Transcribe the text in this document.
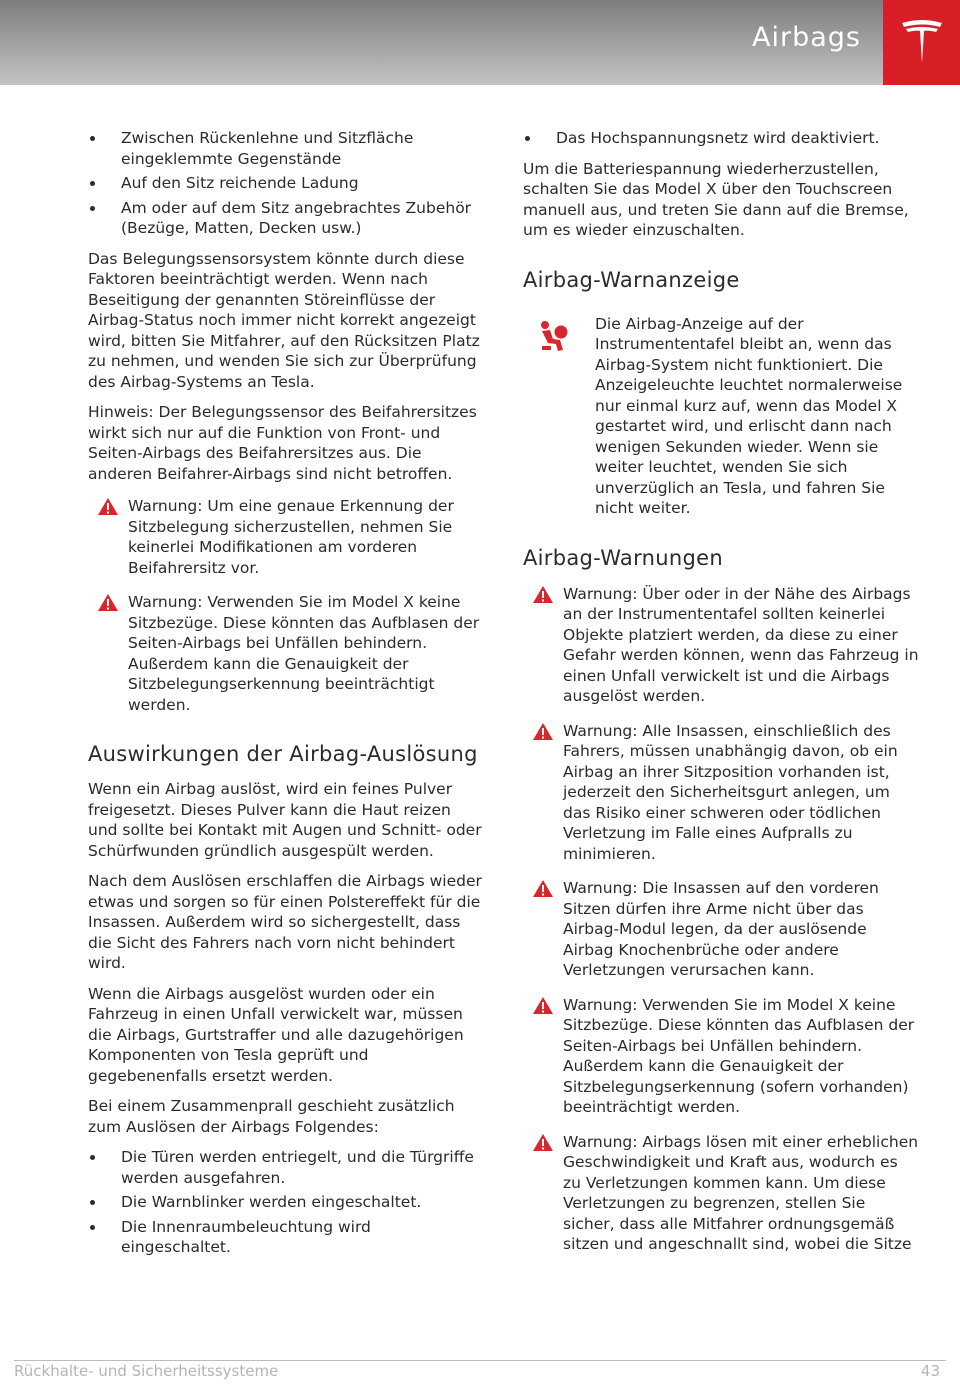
Airbags
Zwischen Rückenlehne und Sitzfläche eingeklemmte Gegenstände
Auf den Sitz reichende Ladung
Am oder auf dem Sitz angebrachtes Zubehör (Bezüge, Matten, Decken usw.)

Das Belegungssensorsystem könnte durch diese Faktoren beeinträchtigt werden. Wenn nach Beseitigung der genannten Störeinflüsse der Airbag-Status noch immer nicht korrekt angezeigt wird, bitten Sie Mitfahrer, auf den Rücksitzen Platz zu nehmen, und wenden Sie sich zur Überprüfung des Airbag-Systems an Tesla.

Hinweis: Der Belegungssensor des Beifahrersitzes wirkt sich nur auf die Funktion von Front- und Seiten-Airbags des Beifahrersitzes aus. Die anderen Beifahrer-Airbags sind nicht betroffen.

Warnung: Um eine genaue Erkennung der Sitzbelegung sicherzustellen, nehmen Sie keinerlei Modifikationen am vorderen Beifahrersitz vor.
Warnung: Verwenden Sie im Model X keine Sitzbezüge. Diese könnten das Aufblasen der Seiten-Airbags bei Unfällen behindern. Außerdem kann die Genauigkeit der Sitzbelegungserkennung beeinträchtigt werden.
Auswirkungen der Airbag-Auslösung

Wenn ein Airbag auslöst, wird ein feines Pulver freigesetzt. Dieses Pulver kann die Haut reizen und sollte bei Kontakt mit Augen und Schnitt- oder Schürfwunden gründlich ausgespült werden.

Nach dem Auslösen erschlaffen die Airbags wieder etwas und sorgen so für einen Polstereffekt für die Insassen. Außerdem wird so sichergestellt, dass die Sicht des Fahrers nach vorn nicht behindert wird.

Wenn die Airbags ausgelöst wurden oder ein Fahrzeug in einen Unfall verwickelt war, müssen die Airbags, Gurtstraffer und alle dazugehörigen Komponenten von Tesla geprüft und gegebenenfalls ersetzt werden.

Bei einem Zusammenprall geschieht zusätzlich zum Auslösen der Airbags Folgendes:

Die Türen werden entriegelt, und die Türgriffe werden ausgefahren.
Die Warnblinker werden eingeschaltet.
Die Innenraumbeleuchtung wird eingeschaltet.
Das Hochspannungsnetz wird deaktiviert.

Um die Batteriespannung wiederherzustellen, schalten Sie das Model X über den Touchscreen manuell aus, und treten Sie dann auf die Bremse, um es wieder einzuschalten.

Airbag-Warnanzeige
Die Airbag-Anzeige auf der Instrumententafel bleibt an, wenn das Airbag-System nicht funktioniert. Die Anzeigeleuchte leuchtet normalerweise nur einmal kurz auf, wenn das Model X gestartet wird, und erlischt dann nach wenigen Sekunden wieder. Wenn sie weiter leuchtet, wenden Sie sich unverzüglich an Tesla, und fahren Sie nicht weiter.
Airbag-Warnungen
Warnung: Über oder in der Nähe des Airbags an der Instrumententafel sollten keinerlei Objekte platziert werden, da diese zu einer Gefahr werden können, wenn das Fahrzeug in einen Unfall verwickelt ist und die Airbags ausgelöst werden.
Warnung: Alle Insassen, einschließlich des Fahrers, müssen unabhängig davon, ob ein Airbag an ihrer Sitzposition vorhanden ist, jederzeit den Sicherheitsgurt anlegen, um das Risiko einer schweren oder tödlichen Verletzung im Falle eines Aufpralls zu minimieren.
Warnung: Die Insassen auf den vorderen Sitzen dürfen ihre Arme nicht über das Airbag-Modul legen, da der auslösende Airbag Knochenbrüche oder andere Verletzungen verursachen kann.
Warnung: Verwenden Sie im Model X keine Sitzbezüge. Diese könnten das Aufblasen der Seiten-Airbags bei Unfällen behindern. Außerdem kann die Genauigkeit der Sitzbelegungserkennung (sofern vorhanden) beeinträchtigt werden.
Warnung: Airbags lösen mit einer erheblichen Geschwindigkeit und Kraft aus, wodurch es zu Verletzungen kommen kann. Um diese Verletzungen zu begrenzen, stellen Sie sicher, dass alle Mitfahrer ordnungsgemäß sitzen und angeschnallt sind, wobei die Sitze
Rückhalte- und Sicherheitssysteme	43
